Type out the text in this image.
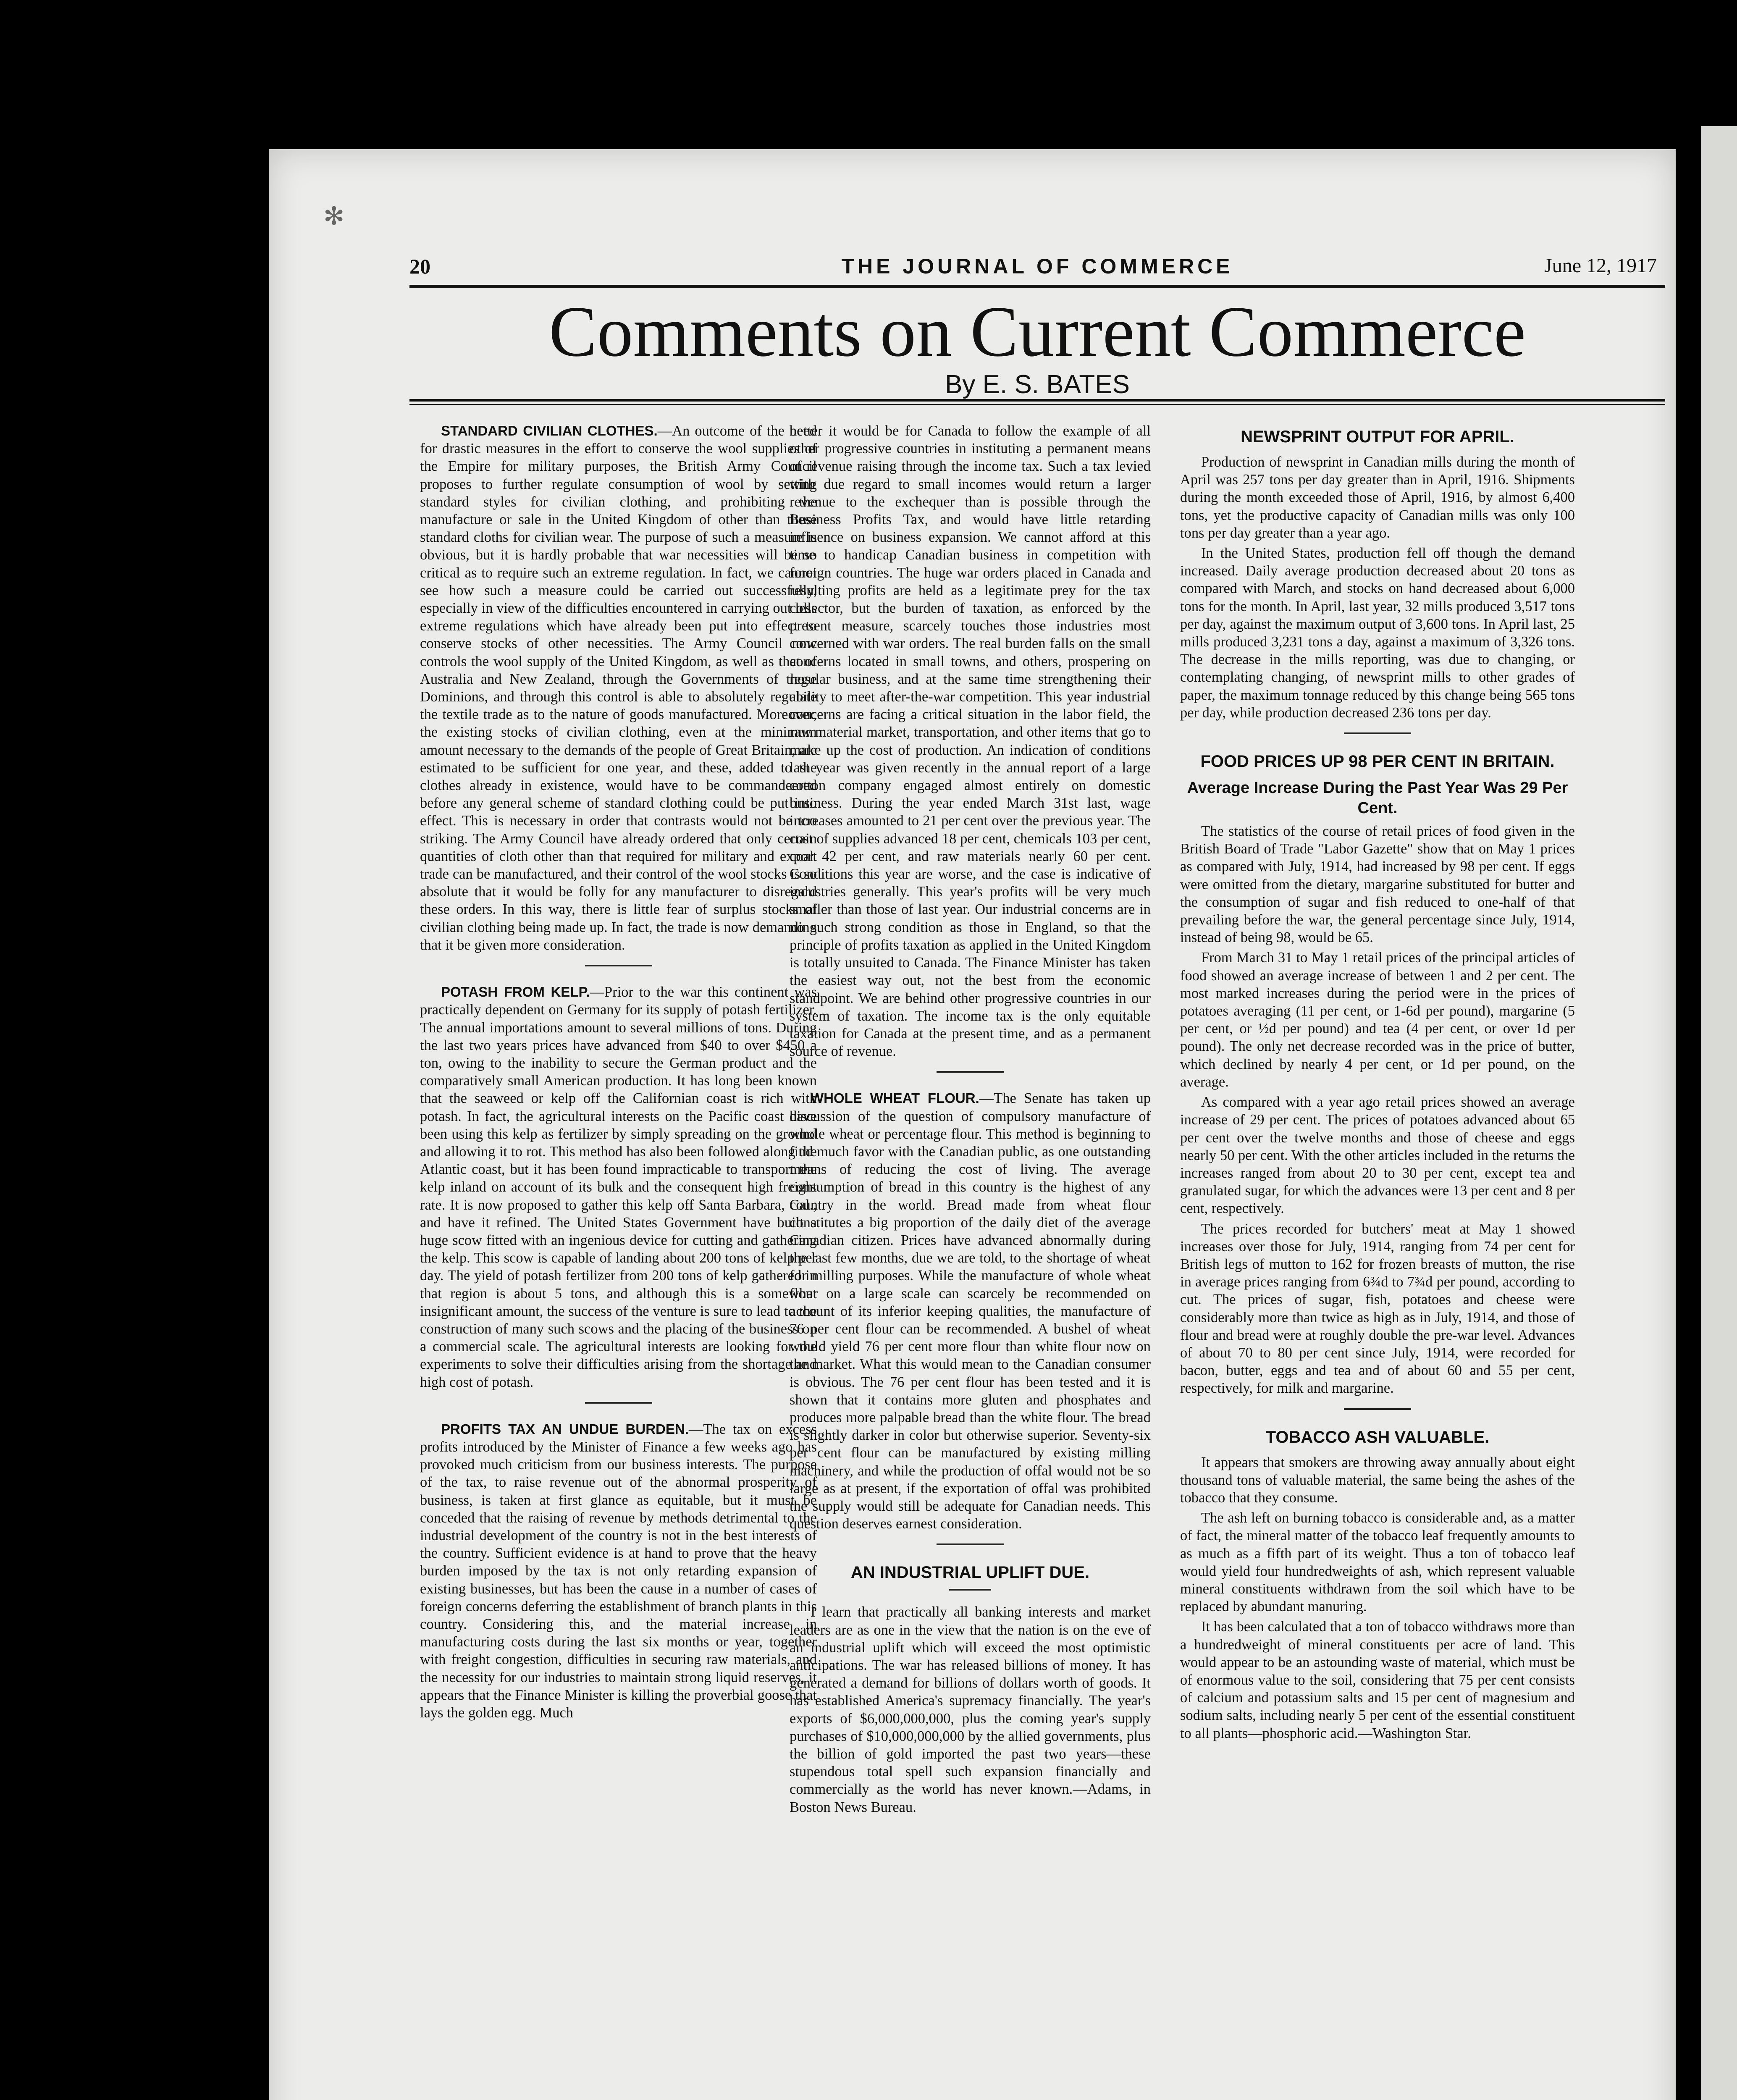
✻
20	THE JOURNAL OF COMMERCE	June 12, 1917
Comments on Current Commerce
By E. S. BATES

STANDARD CIVILIAN CLOTHES.—An outcome of the need for drastic measures in the effort to conserve the wool supplies of the Empire for military purposes, the British Army Council proposes to further regulate consumption of wool by setting standard styles for civilian clothing, and prohibiting the manufacture or sale in the United Kingdom of other than these standard cloths for civilian wear. The purpose of such a measure is obvious, but it is hardly probable that war necessities will be so critical as to require such an extreme regulation. In fact, we cannot see how such a measure could be carried out successfully, especially in view of the difficulties encountered in carrying out less extreme regulations which have already been put into effect to conserve stocks of other necessities. The Army Council now controls the wool supply of the United Kingdom, as well as that of Australia and New Zealand, through the Governments of those Dominions, and through this control is able to absolutely regulate the textile trade as to the nature of goods manufactured. Moreover, the existing stocks of civilian clothing, even at the minimum amount necessary to the demands of the people of Great Britain, are estimated to be sufficient for one year, and these, added to the clothes already in existence, would have to be commandeered before any general scheme of standard clothing could be put into effect. This is necessary in order that contrasts would not be too striking. The Army Council have already ordered that only certain quantities of cloth other than that required for military and export trade can be manufactured, and their control of the wool stocks is so absolute that it would be folly for any manufacturer to disregard these orders. In this way, there is little fear of surplus stocks of civilian clothing being made up. In fact, the trade is now demanding that it be given more consideration.

POTASH FROM KELP.—Prior to the war this continent was practically dependent on Germany for its supply of potash fertilizer. The annual importations amount to several millions of tons. During the last two years prices have advanced from $40 to over $450 a ton, owing to the inability to secure the German product and the comparatively small American production. It has long been known that the seaweed or kelp off the Californian coast is rich with potash. In fact, the agricultural interests on the Pacific coast have been using this kelp as fertilizer by simply spreading on the ground and allowing it to rot. This method has also been followed along the Atlantic coast, but it has been found impracticable to transport the kelp inland on account of its bulk and the consequent high freight rate. It is now proposed to gather this kelp off Santa Barbara, Cal., and have it refined. The United States Government have built a huge scow fitted with an ingenious device for cutting and gathering the kelp. This scow is capable of landing about 200 tons of kelp per day. The yield of potash fertilizer from 200 tons of kelp gathered in that region is about 5 tons, and although this is a somewhat insignificant amount, the success of the venture is sure to lead to the construction of many such scows and the placing of the business on a commercial scale. The agricultural interests are looking for the experiments to solve their difficulties arising from the shortage and high cost of potash.

PROFITS TAX AN UNDUE BURDEN.—The tax on excess profits introduced by the Minister of Finance a few weeks ago has provoked much criticism from our business interests. The purpose of the tax, to raise revenue out of the abnormal prosperity of business, is taken at first glance as equitable, but it must be conceded that the raising of revenue by methods detrimental to the industrial development of the country is not in the best interests of the country. Sufficient evidence is at hand to prove that the heavy burden imposed by the tax is not only retarding expansion of existing businesses, but has been the cause in a number of cases of foreign concerns deferring the establishment of branch plants in this country. Considering this, and the material increase in manufacturing costs during the last six months or year, together with freight congestion, difficulties in securing raw materials, and the necessity for our industries to maintain strong liquid reserves, it appears that the Finance Minister is killing the proverbial goose that lays the golden egg. Much

better it would be for Canada to follow the example of all other progressive countries in instituting a permanent means of revenue raising through the income tax. Such a tax levied with due regard to small incomes would return a larger revenue to the exchequer than is possible through the Business Profits Tax, and would have little retarding influence on business expansion. We cannot afford at this time to handicap Canadian business in competition with foreign countries. The huge war orders placed in Canada and resulting profits are held as a legitimate prey for the tax collector, but the burden of taxation, as enforced by the present measure, scarcely touches those industries most concerned with war orders. The real burden falls on the small concerns located in small towns, and others, prospering on regular business, and at the same time strengthening their ability to meet after-the-war competition. This year industrial concerns are facing a critical situation in the labor field, the raw material market, transportation, and other items that go to make up the cost of production. An indication of conditions last year was given recently in the annual report of a large cotton company engaged almost entirely on domestic business. During the year ended March 31st last, wage increases amounted to 21 per cent over the previous year. The cost of supplies advanced 18 per cent, chemicals 103 per cent, coal 42 per cent, and raw materials nearly 60 per cent. Conditions this year are worse, and the case is indicative of industries generally. This year's profits will be very much smaller than those of last year. Our industrial concerns are in no such strong condition as those in England, so that the principle of profits taxation as applied in the United Kingdom is totally unsuited to Canada. The Finance Minister has taken the easiest way out, not the best from the economic standpoint. We are behind other progressive countries in our system of taxation. The income tax is the only equitable taxation for Canada at the present time, and as a permanent source of revenue.

WHOLE WHEAT FLOUR.—The Senate has taken up discussion of the question of compulsory manufacture of whole wheat or percentage flour. This method is beginning to find much favor with the Canadian public, as one outstanding means of reducing the cost of living. The average consumption of bread in this country is the highest of any country in the world. Bread made from wheat flour constitutes a big proportion of the daily diet of the average Canadian citizen. Prices have advanced abnormally during the last few months, due we are told, to the shortage of wheat for milling purposes. While the manufacture of whole wheat flour on a large scale can scarcely be recommended on account of its inferior keeping qualities, the manufacture of 76 per cent flour can be recommended. A bushel of wheat would yield 76 per cent more flour than white flour now on the market. What this would mean to the Canadian consumer is obvious. The 76 per cent flour has been tested and it is shown that it contains more gluten and phosphates and produces more palpable bread than the white flour. The bread is slightly darker in color but otherwise superior. Seventy-six per cent flour can be manufactured by existing milling machinery, and while the production of offal would not be so large as at present, if the exportation of offal was prohibited the supply would still be adequate for Canadian needs. This question deserves earnest consideration.

AN INDUSTRIAL UPLIFT DUE.

I learn that practically all banking interests and market leaders are as one in the view that the nation is on the eve of an industrial uplift which will exceed the most optimistic anticipations. The war has released billions of money. It has generated a demand for billions of dollars worth of goods. It has established America's supremacy financially. The year's exports of $6,000,000,000, plus the coming year's supply purchases of $10,000,000,000 by the allied governments, plus the billion of gold imported the past two years—these stupendous total spell such expansion financially and commercially as the world has never known.—Adams, in Boston News Bureau.

NEWSPRINT OUTPUT FOR APRIL.

Production of newsprint in Canadian mills during the month of April was 257 tons per day greater than in April, 1916. Shipments during the month exceeded those of April, 1916, by almost 6,400 tons, yet the productive capacity of Canadian mills was only 100 tons per day greater than a year ago.

In the United States, production fell off though the demand increased. Daily average production decreased about 20 tons as compared with March, and stocks on hand decreased about 6,000 tons for the month. In April, last year, 32 mills produced 3,517 tons per day, against the maximum output of 3,600 tons. In April last, 25 mills produced 3,231 tons a day, against a maximum of 3,326 tons. The decrease in the mills reporting, was due to changing, or contemplating changing, of newsprint mills to other grades of paper, the maximum tonnage reduced by this change being 565 tons per day, while production decreased 236 tons per day.

FOOD PRICES UP 98 PER CENT IN BRITAIN.
Average Increase During the Past Year Was 29 Per Cent.

The statistics of the course of retail prices of food given in the British Board of Trade "Labor Gazette" show that on May 1 prices as compared with July, 1914, had increased by 98 per cent. If eggs were omitted from the dietary, margarine substituted for butter and the consumption of sugar and fish reduced to one-half of that prevailing before the war, the general percentage since July, 1914, instead of being 98, would be 65.

From March 31 to May 1 retail prices of the principal articles of food showed an average increase of between 1 and 2 per cent. The most marked increases during the period were in the prices of potatoes averaging (11 per cent, or 1-6d per pound), margarine (5 per cent, or ½d per pound) and tea (4 per cent, or over 1d per pound). The only net decrease recorded was in the price of butter, which declined by nearly 4 per cent, or 1d per pound, on the average.

As compared with a year ago retail prices showed an average increase of 29 per cent. The prices of potatoes advanced about 65 per cent over the twelve months and those of cheese and eggs nearly 50 per cent. With the other articles included in the returns the increases ranged from about 20 to 30 per cent, except tea and granulated sugar, for which the advances were 13 per cent and 8 per cent, respectively.

The prices recorded for butchers' meat at May 1 showed increases over those for July, 1914, ranging from 74 per cent for British legs of mutton to 162 for frozen breasts of mutton, the rise in average prices ranging from 6¾d to 7¾d per pound, according to cut. The prices of sugar, fish, potatoes and cheese were considerably more than twice as high as in July, 1914, and those of flour and bread were at roughly double the pre-war level. Advances of about 70 to 80 per cent since July, 1914, were recorded for bacon, butter, eggs and tea and of about 60 and 55 per cent, respectively, for milk and margarine.

TOBACCO ASH VALUABLE.

It appears that smokers are throwing away annually about eight thousand tons of valuable material, the same being the ashes of the tobacco that they consume.

The ash left on burning tobacco is considerable and, as a matter of fact, the mineral matter of the tobacco leaf frequently amounts to as much as a fifth part of its weight. Thus a ton of tobacco leaf would yield four hundredweights of ash, which represent valuable mineral constituents withdrawn from the soil which have to be replaced by abundant manuring.

It has been calculated that a ton of tobacco withdraws more than a hundredweight of mineral constituents per acre of land. This would appear to be an astounding waste of material, which must be of enormous value to the soil, considering that 75 per cent consists of calcium and potassium salts and 15 per cent of magnesium and sodium salts, including nearly 5 per cent of the essential constituent to all plants—phosphoric acid.—Washington Star.
